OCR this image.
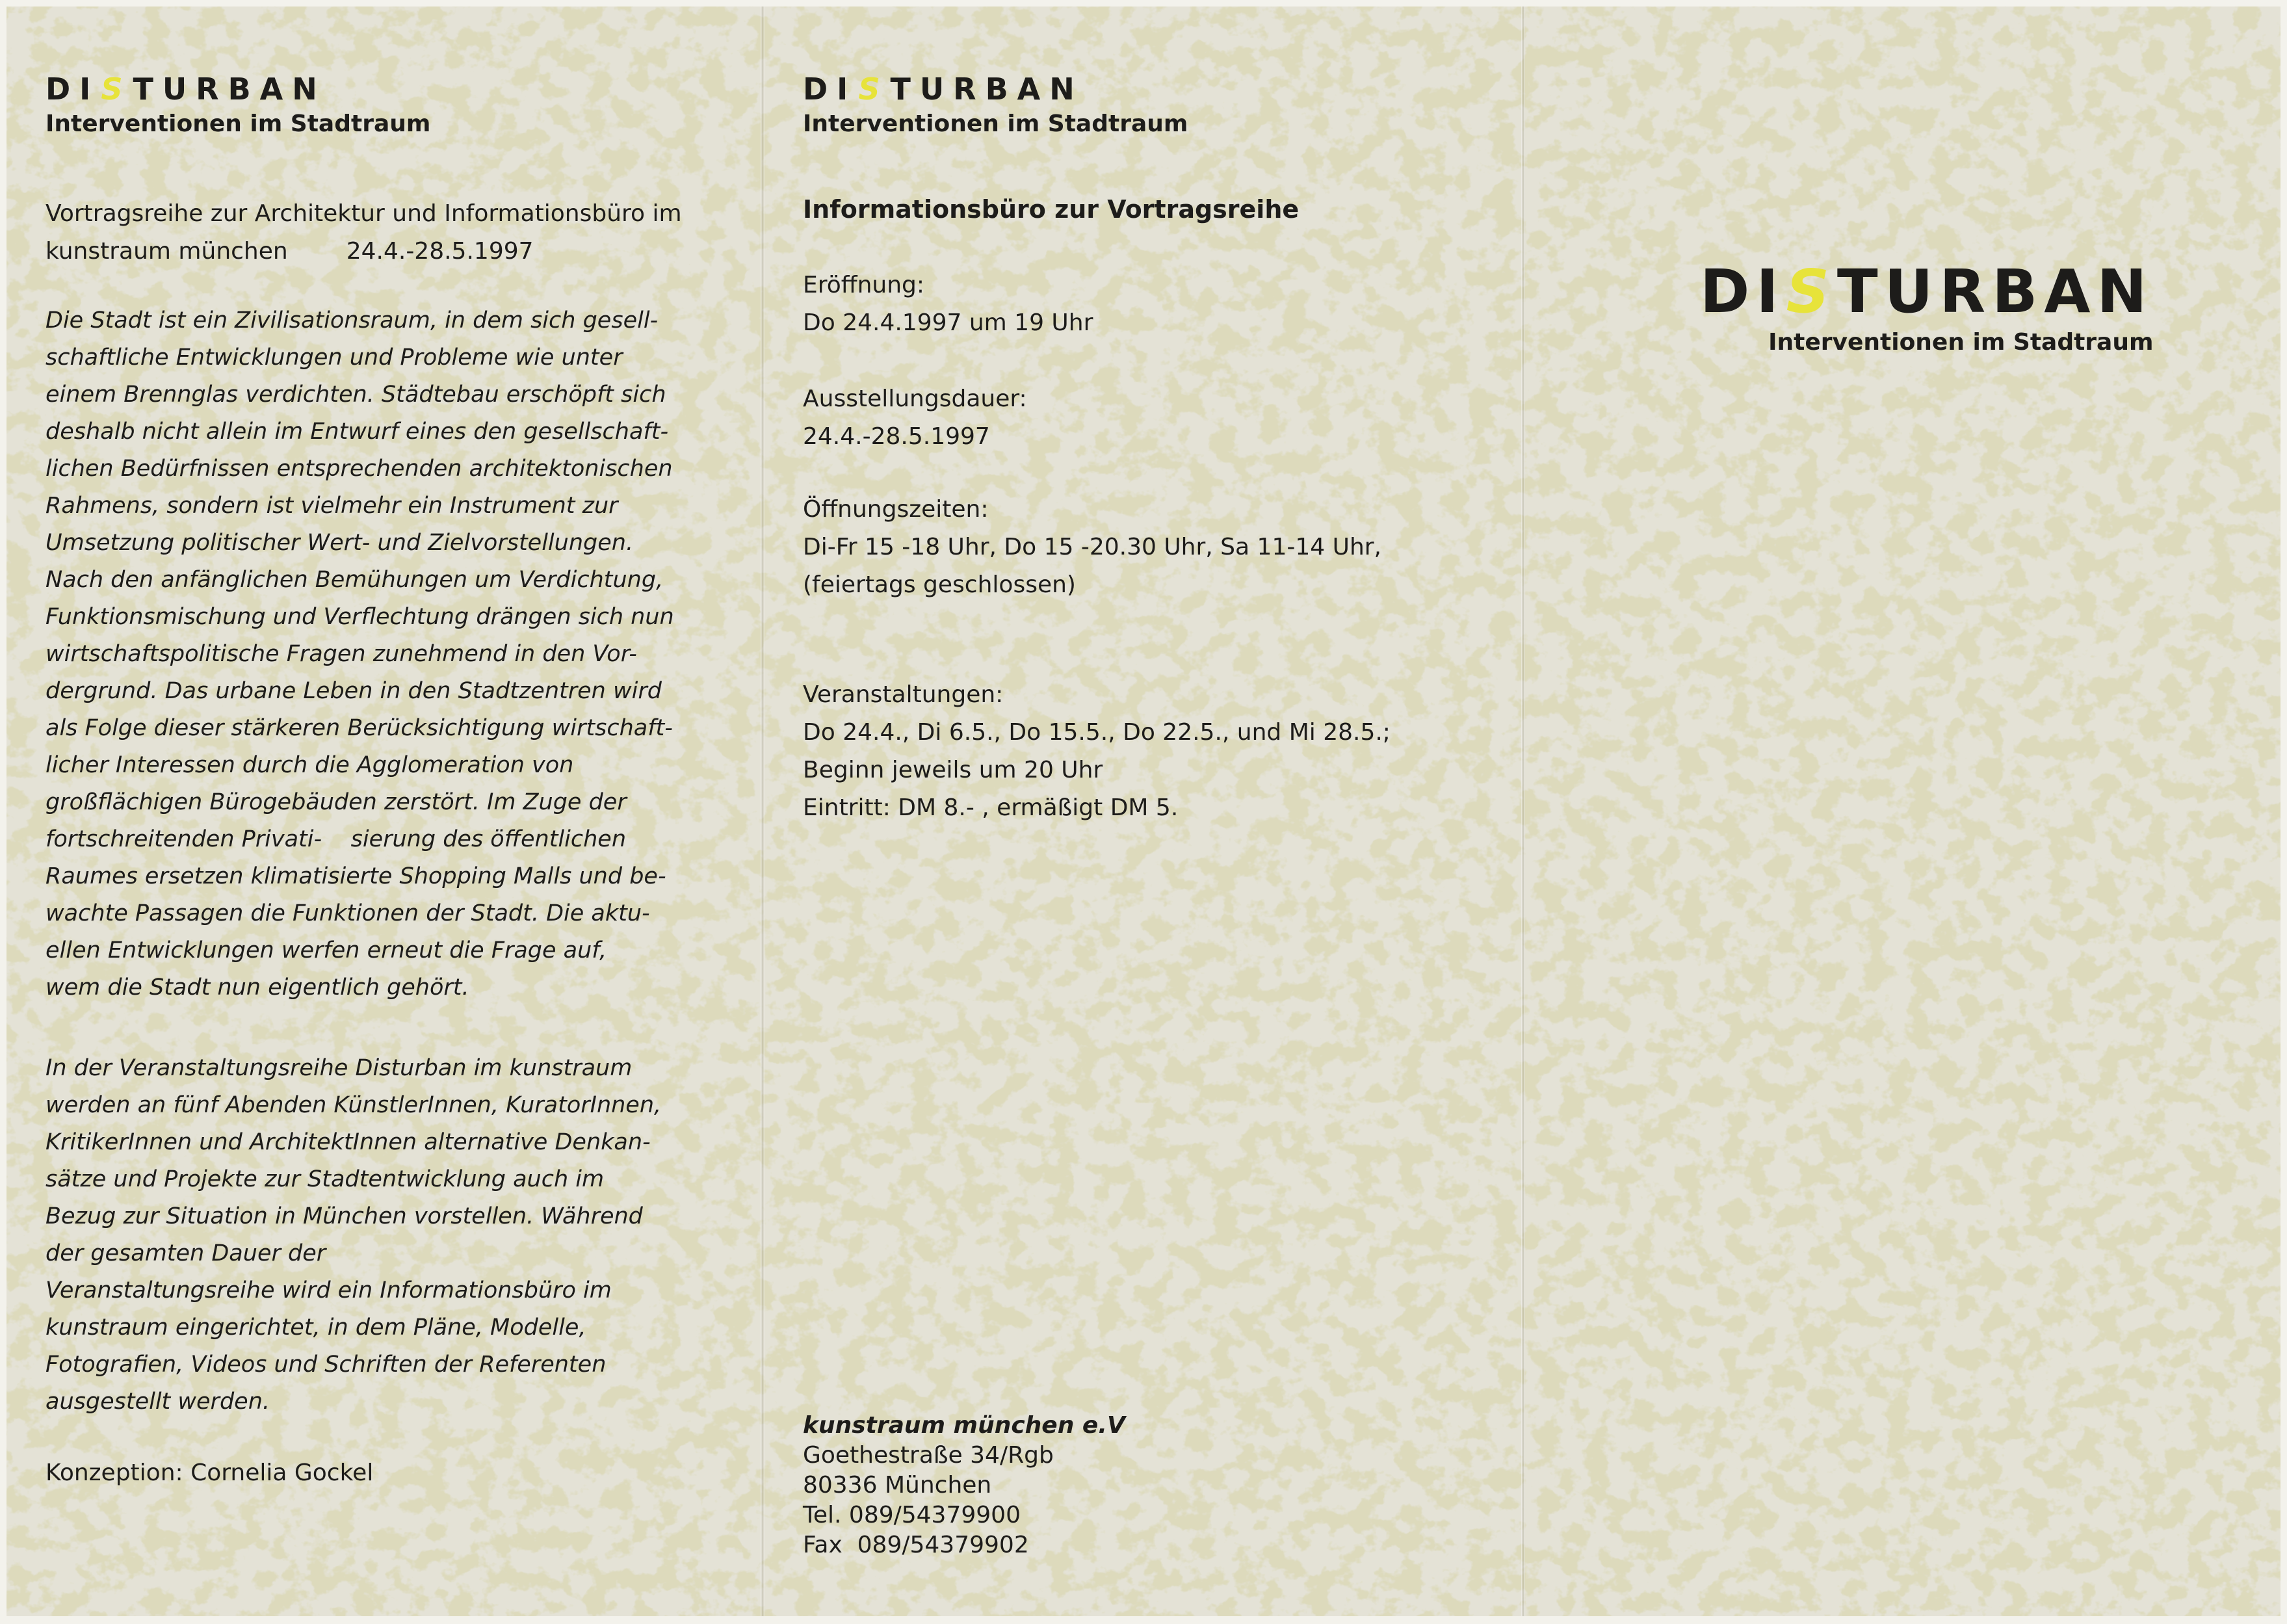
DI S TURBAN
Interventionen im Stadtraum
Vortragsreihe zur Architektur und Informationsbüro im
kunstraum münchen	24.4.-28.5.1997
Die Stadt ist ein Zivilisationsraum, in dem sich gesell-
schaftliche Entwicklungen und Probleme wie unter
einem Brennglas verdichten. Städtebau erschöpft sich
deshalb nicht allein im Entwurf eines den gesellschaft-
lichen Bedürfnissen entsprechenden architektonischen
Rahmens, sondern ist vielmehr ein Instrument zur
Umsetzung politischer Wert- und Zielvorstellungen.
Nach den anfänglichen Bemühungen um Verdichtung,
Funktionsmischung und Verflechtung drängen sich nun
wirtschaftspolitische Fragen zunehmend in den Vor-
dergrund. Das urbane Leben in den Stadtzentren wird
als Folge dieser stärkeren Berücksichtigung wirtschaft-
licher Interessen durch die Agglomeration von
großflächigen Bürogebäuden zerstört. Im Zuge der
fortschreitenden Privati-    sierung des öffentlichen
Raumes ersetzen klimatisierte Shopping Malls und be-
wachte Passagen die Funktionen der Stadt. Die aktu-
ellen Entwicklungen werfen erneut die Frage auf,
wem die Stadt nun eigentlich gehört.
In der Veranstaltungsreihe Disturban im kunstraum
werden an fünf Abenden KünstlerInnen, KuratorInnen,
KritikerInnen und ArchitektInnen alternative Denkan-
sätze und Projekte zur Stadtentwicklung auch im
Bezug zur Situation in München vorstellen. Während
der gesamten Dauer der
Veranstaltungsreihe wird ein Informationsbüro im
kunstraum eingerichtet, in dem Pläne, Modelle,
Fotografien, Videos und Schriften der Referenten
ausgestellt werden.
Konzeption: Cornelia Gockel
DI S TURBAN
Interventionen im Stadtraum
Informationsbüro zur Vortragsreihe
Eröffnung:
Do 24.4.1997 um 19 Uhr
Ausstellungsdauer:
24.4.-28.5.1997
Öffnungszeiten:
Di-Fr 15 -18 Uhr, Do 15 -20.30 Uhr, Sa 11-14 Uhr,
(feiertags geschlossen)
Veranstaltungen:
Do 24.4., Di 6.5., Do 15.5., Do 22.5., und Mi 28.5.;
Beginn jeweils um 20 Uhr
Eintritt: DM 8.- , ermäßigt DM 5.
kunstraum münchen e.V
Goethestraße 34/Rgb
80336 München
Tel. 089/54379900
Fax  089/54379902
DI S TURBAN
Interventionen im Stadtraum
